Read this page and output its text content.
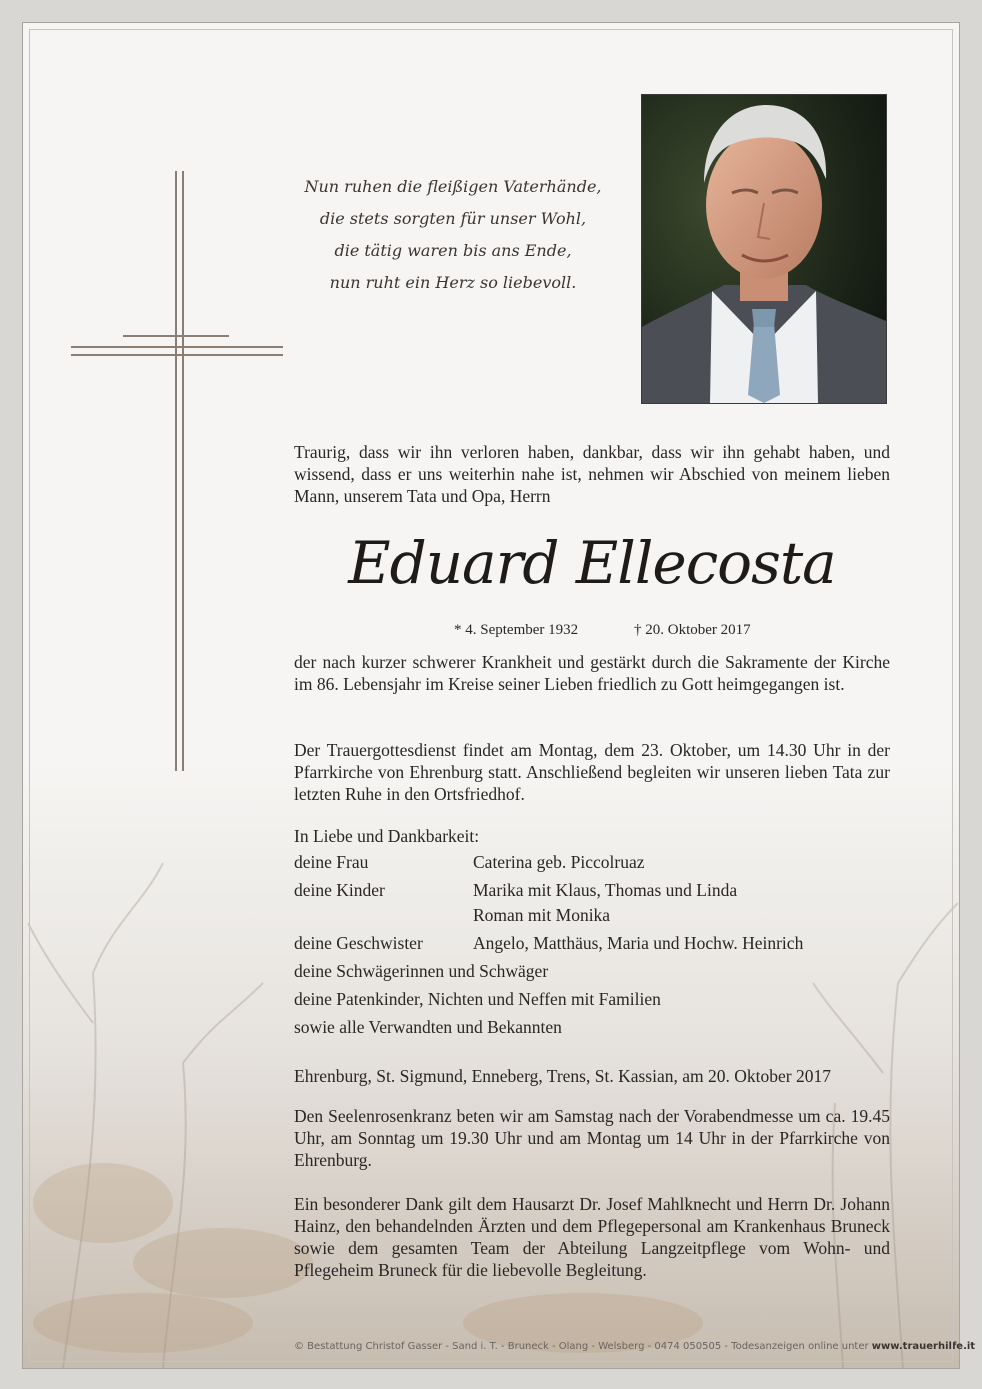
Nun ruhen die fleißigen Vaterhände,
die stets sorgten für unser Wohl,
die tätig waren bis ans Ende,
nun ruht ein Herz so liebevoll.
Traurig, dass wir ihn verloren haben, dankbar, dass wir ihn gehabt haben, und wissend, dass er uns weiterhin nahe ist, nehmen wir Abschied von meinem lieben Mann, unserem Tata und Opa, Herrn
Eduard Ellecosta
* 4. September 1932	† 20. Oktober 2017
der nach kurzer schwerer Krankheit und gestärkt durch die Sakramente der Kirche im 86. Lebensjahr im Kreise seiner Lieben friedlich zu Gott heimgegangen ist.
Der Trauergottesdienst findet am Montag, dem 23. Oktober, um 14.30 Uhr in der Pfarrkirche von Ehrenburg statt. Anschließend begleiten wir unseren lieben Tata zur letzten Ruhe in den Ortsfriedhof.
In Liebe und Dankbarkeit:
deine Frau	Caterina geb. Piccolruaz
deine Kinder	Marika mit Klaus, Thomas und Linda
Roman mit Monika
deine Geschwister	Angelo, Matthäus, Maria und Hochw. Heinrich
deine Schwägerinnen und Schwäger
deine Patenkinder, Nichten und Neffen mit Familien
sowie alle Verwandten und Bekannten
Ehrenburg, St. Sigmund, Enneberg, Trens, St. Kassian, am 20. Oktober 2017
Den Seelenrosenkranz beten wir am Samstag nach der Vorabendmesse um ca. 19.45 Uhr, am Sonntag um 19.30 Uhr und am Montag um 14 Uhr in der Pfarrkirche von Ehrenburg.
Ein besonderer Dank gilt dem Hausarzt Dr. Josef Mahlknecht und Herrn Dr. Johann Hainz, den behandelnden Ärzten und dem Pflegepersonal am Krankenhaus Bruneck sowie dem gesamten Team der Abteilung Langzeitpflege vom Wohn- und Pflegeheim Bruneck für die liebevolle Begleitung.
© Bestattung Christof Gasser - Sand i. T. - Bruneck - Olang - Welsberg - 0474 050505 - Todesanzeigen online unter www.trauerhilfe.it
